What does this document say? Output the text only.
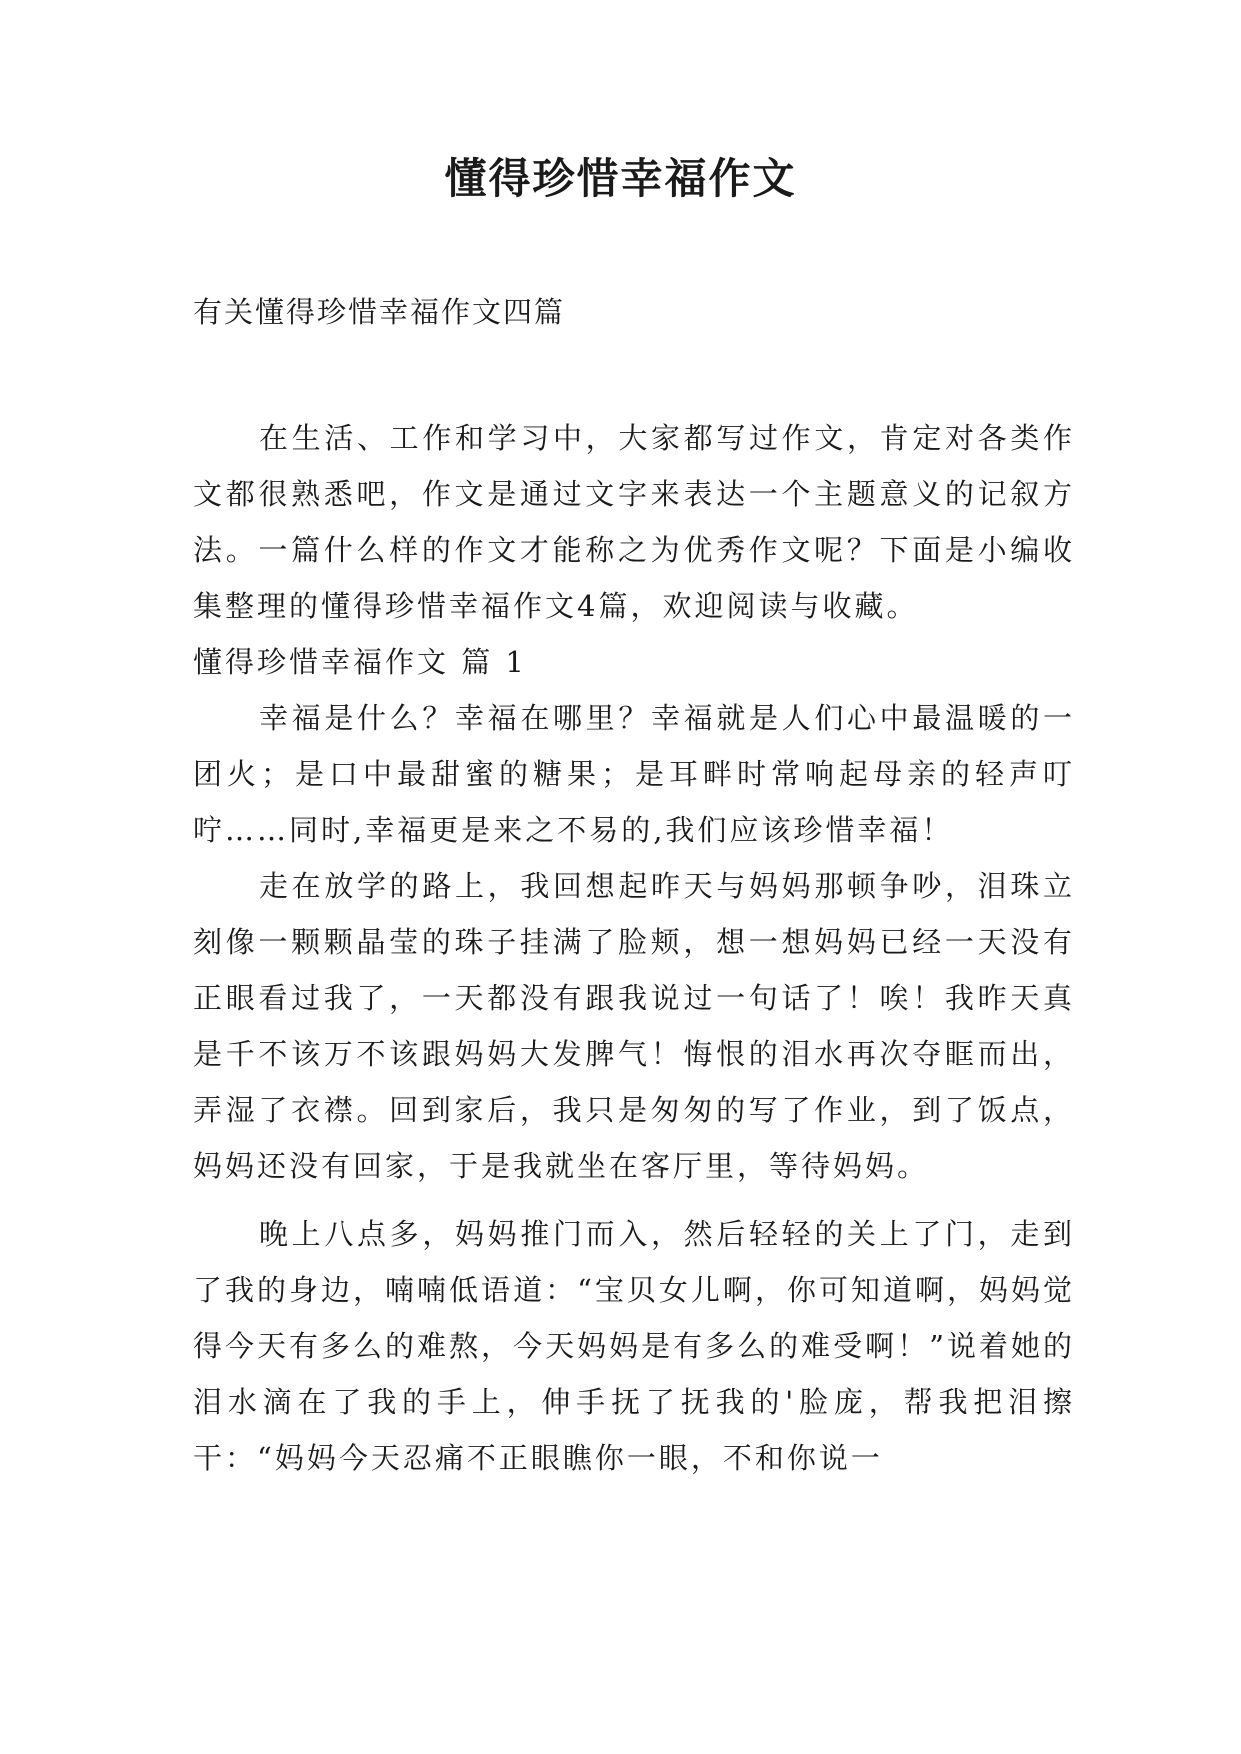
懂得珍惜幸福作文

有关懂得珍惜幸福作文四篇

在生活、工作和学习中，大家都写过作文，肯定对各类作文都很熟悉吧，作文是通过文字来表达一个主题意义的记叙方法。一篇什么样的作文才能称之为优秀作文呢？下面是小编收集整理的懂得珍惜幸福作文4篇，欢迎阅读与收藏。

懂得珍惜幸福作文 篇 1

幸福是什么？幸福在哪里？幸福就是人们心中最温暖的一团火；是口中最甜蜜的糖果；是耳畔时常响起母亲的轻声叮咛……同时,幸福更是来之不易的,我们应该珍惜幸福！

走在放学的路上，我回想起昨天与妈妈那顿争吵，泪珠立刻像一颗颗晶莹的珠子挂满了脸颊，想一想妈妈已经一天没有正眼看过我了，一天都没有跟我说过一句话了！唉！我昨天真是千不该万不该跟妈妈大发脾气！悔恨的泪水再次夺眶而出，弄湿了衣襟。回到家后，我只是匆匆的写了作业，到了饭点，妈妈还没有回家，于是我就坐在客厅里，等待妈妈。

晚上八点多，妈妈推门而入，然后轻轻的关上了门，走到了我的身边，喃喃低语道：“宝贝女儿啊，你可知道啊，妈妈觉得今天有多么的难熬，今天妈妈是有多么的难受啊！”说着她的泪水滴在了我的手上，伸手抚了抚我的'脸庞，帮我把泪擦干：“妈妈今天忍痛不正眼瞧你一眼，不和你说一
